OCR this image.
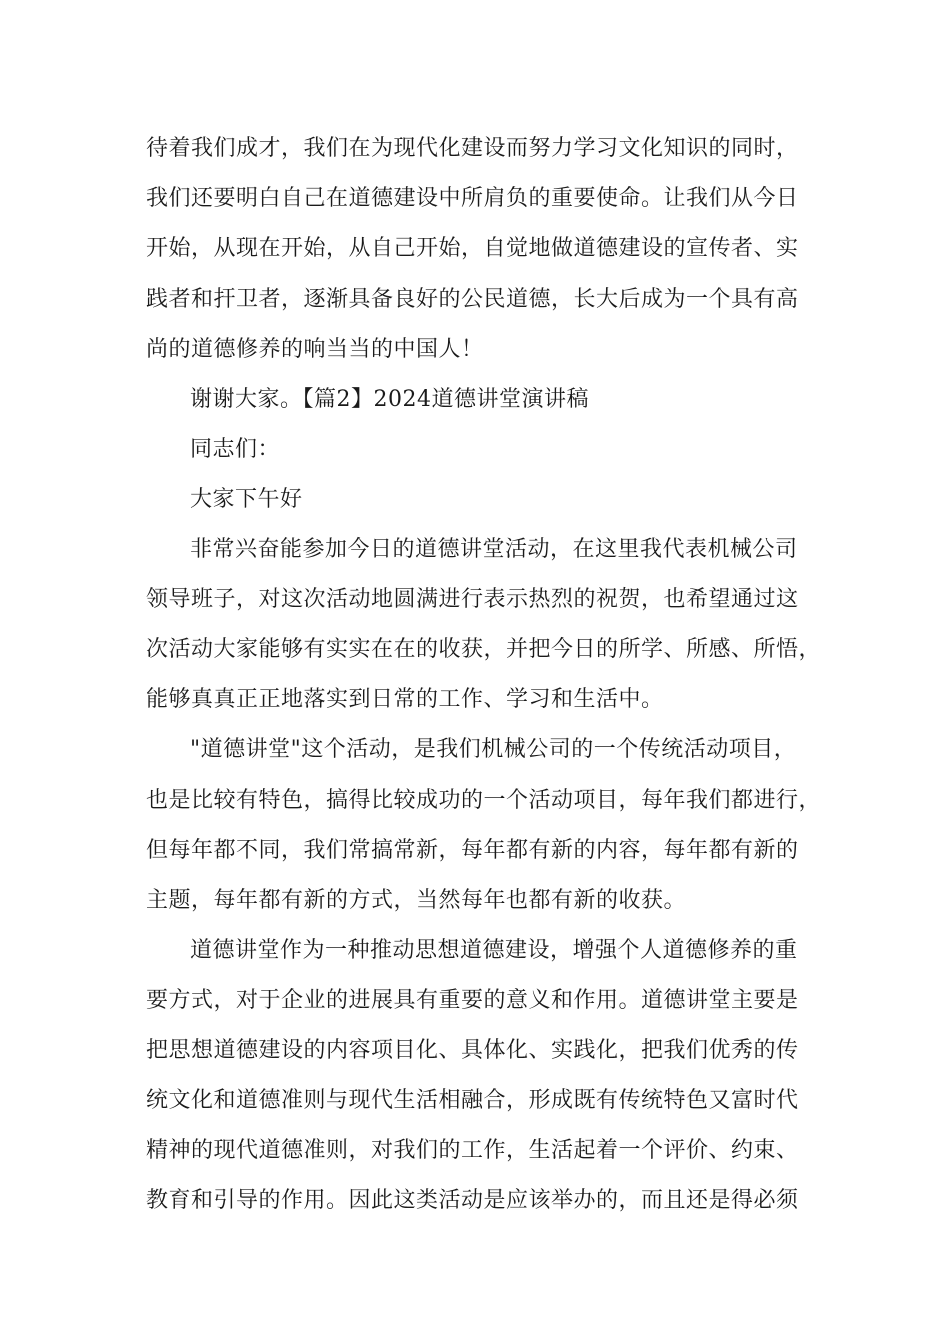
待着我们成才，我们在为现代化建设而努力学习文化知识的同时，
我们还要明白自己在道德建设中所肩负的重要使命。让我们从今日
开始，从现在开始，从自己开始，自觉地做道德建设的宣传者、实
践者和扞卫者，逐渐具备良好的公民道德，长大后成为一个具有高
尚的道德修养的响当当的中国人！
谢谢大家。【篇2】2024道德讲堂演讲稿
同志们：
大家下午好
非常兴奋能参加今日的道德讲堂活动，在这里我代表机械公司
领导班子，对这次活动地圆满进行表示热烈的祝贺，也希望通过这
次活动大家能够有实实在在的收获，并把今日的所学、所感、所悟，
能够真真正正地落实到日常的工作、学习和生活中。
"道德讲堂"这个活动，是我们机械公司的一个传统活动项目，
也是比较有特色，搞得比较成功的一个活动项目，每年我们都进行，
但每年都不同，我们常搞常新，每年都有新的内容，每年都有新的
主题，每年都有新的方式，当然每年也都有新的收获。
道德讲堂作为一种推动思想道德建设，增强个人道德修养的重
要方式，对于企业的进展具有重要的意义和作用。道德讲堂主要是
把思想道德建设的内容项目化、具体化、实践化，把我们优秀的传
统文化和道德准则与现代生活相融合，形成既有传统特色又富时代
精神的现代道德准则，对我们的工作，生活起着一个评价、约束、
教育和引导的作用。因此这类活动是应该举办的，而且还是得必须
